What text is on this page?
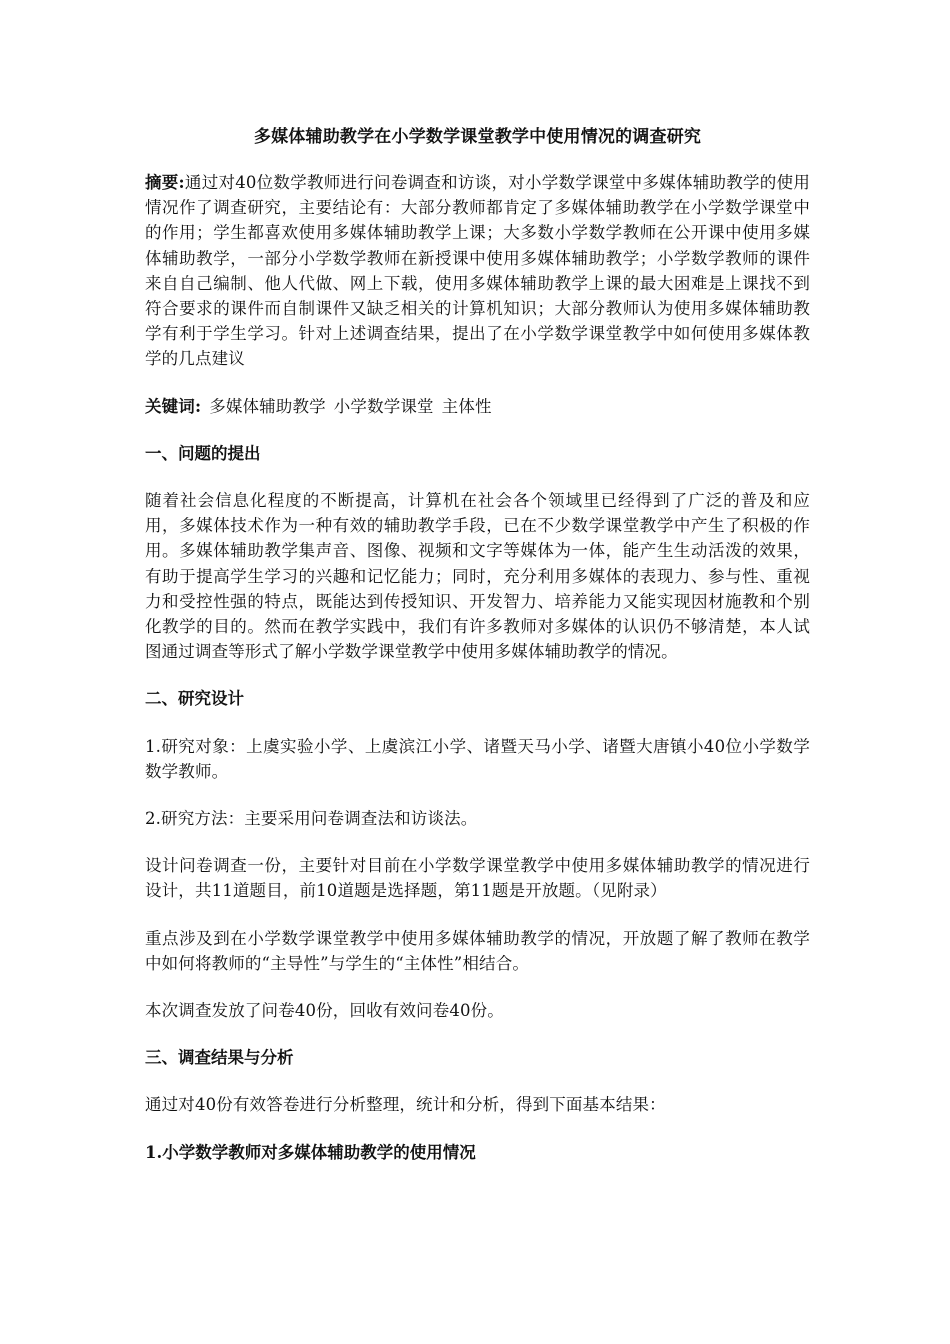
多媒体辅助教学在小学数学课堂教学中使用情况的调查研究

摘要:通过对40位数学教师进行问卷调查和访谈，对小学数学课堂中多媒体辅助教学的使用情况作了调查研究，主要结论有：大部分教师都肯定了多媒体辅助教学在小学数学课堂中的作用；学生都喜欢使用多媒体辅助教学上课；大多数小学数学教师在公开课中使用多媒体辅助教学，一部分小学数学教师在新授课中使用多媒体辅助教学；小学数学教师的课件来自自己编制、他人代做、网上下载，使用多媒体辅助教学上课的最大困难是上课找不到符合要求的课件而自制课件又缺乏相关的计算机知识；大部分教师认为使用多媒体辅助教学有利于学生学习。针对上述调查结果，提出了在小学数学课堂教学中如何使用多媒体教学的几点建议

关键词: 多媒体辅助教学 小学数学课堂 主体性

一、问题的提出

随着社会信息化程度的不断提高，计算机在社会各个领域里已经得到了广泛的普及和应用，多媒体技术作为一种有效的辅助教学手段，已在不少数学课堂教学中产生了积极的作用。多媒体辅助教学集声音、图像、视频和文字等媒体为一体，能产生生动活泼的效果，有助于提高学生学习的兴趣和记忆能力；同时，充分利用多媒体的表现力、参与性、重视力和受控性强的特点，既能达到传授知识、开发智力、培养能力又能实现因材施教和个别化教学的目的。然而在教学实践中，我们有许多教师对多媒体的认识仍不够清楚，本人试图通过调查等形式了解小学数学课堂教学中使用多媒体辅助教学的情况。

二、研究设计

1.研究对象：上虞实验小学、上虞滨江小学、诸暨天马小学、诸暨大唐镇小40位小学数学数学教师。

2.研究方法：主要采用问卷调查法和访谈法。

设计问卷调查一份，主要针对目前在小学数学课堂教学中使用多媒体辅助教学的情况进行设计，共11道题目，前10道题是选择题，第11题是开放题。（见附录）

重点涉及到在小学数学课堂教学中使用多媒体辅助教学的情况，开放题了解了教师在教学中如何将教师的“主导性”与学生的“主体性”相结合。

本次调查发放了问卷40份，回收有效问卷40份。

三、调查结果与分析

通过对40份有效答卷进行分析整理，统计和分析，得到下面基本结果：

1.小学数学教师对多媒体辅助教学的使用情况
